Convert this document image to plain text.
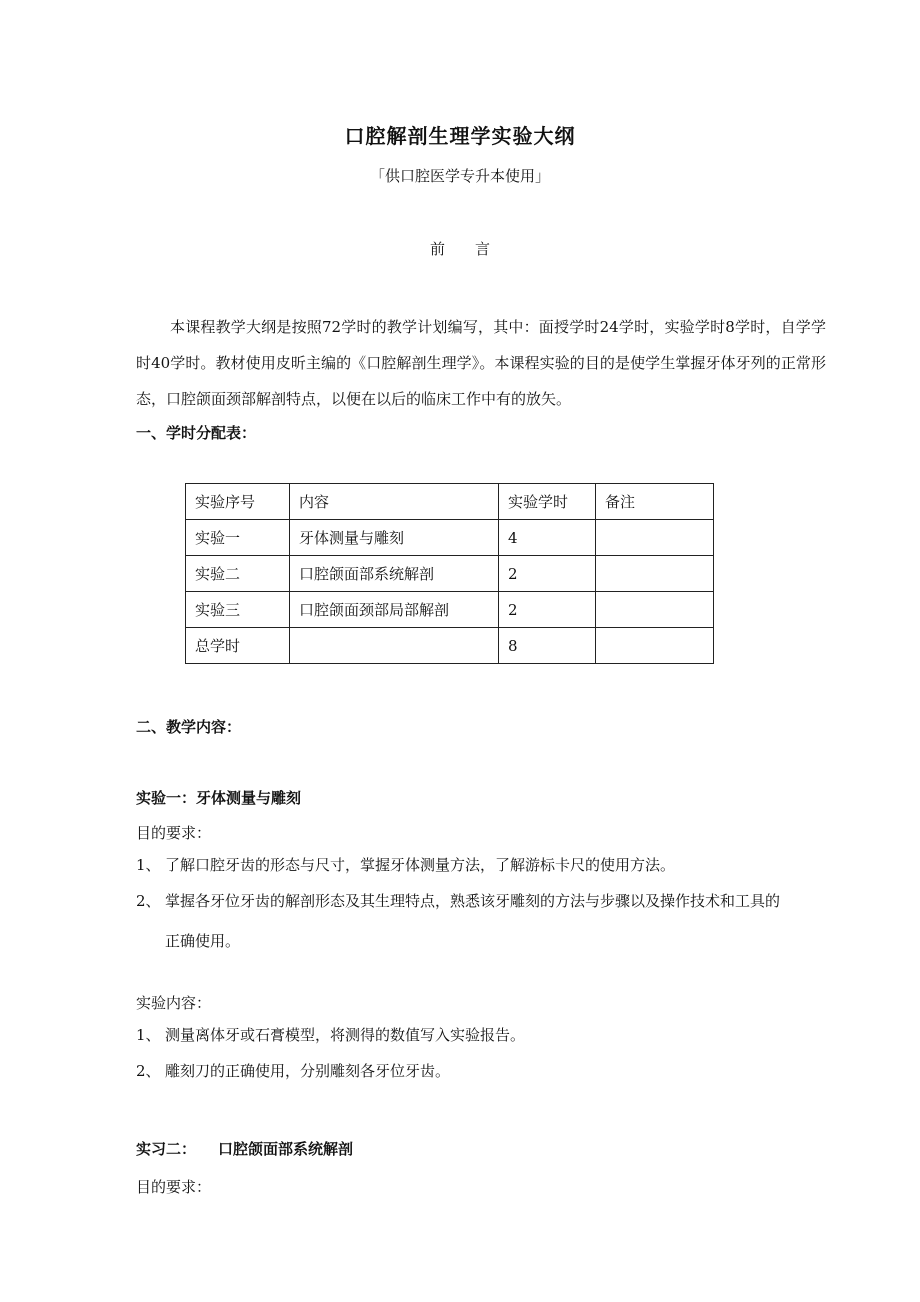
口腔解剖生理学实验大纲
「供口腔医学专升本使用」
前　　言
本课程教学大纲是按照72学时的教学计划编写，其中：面授学时24学时，实验学时8学时，自学学时40学时。教材使用皮昕主编的《口腔解剖生理学》。本课程实验的目的是使学生掌握牙体牙列的正常形态，口腔颌面颈部解剖特点，以便在以后的临床工作中有的放矢。
一、学时分配表：
实验序号	内容	实验学时	备注
实验一	牙体测量与雕刻	4	
实验二	口腔颌面部系统解剖	2	
实验三	口腔颌面颈部局部解剖	2	
总学时		8	
二、教学内容：
实验一：牙体测量与雕刻
目的要求：
1、 了解口腔牙齿的形态与尺寸，掌握牙体测量方法，了解游标卡尺的使用方法。
2、 掌握各牙位牙齿的解剖形态及其生理特点，熟悉该牙雕刻的方法与步骤以及操作技术和工具的
正确使用。
实验内容：
1、 测量离体牙或石膏模型，将测得的数值写入实验报告。
2、 雕刻刀的正确使用，分别雕刻各牙位牙齿。
实习二： 口腔颌面部系统解剖
目的要求：
